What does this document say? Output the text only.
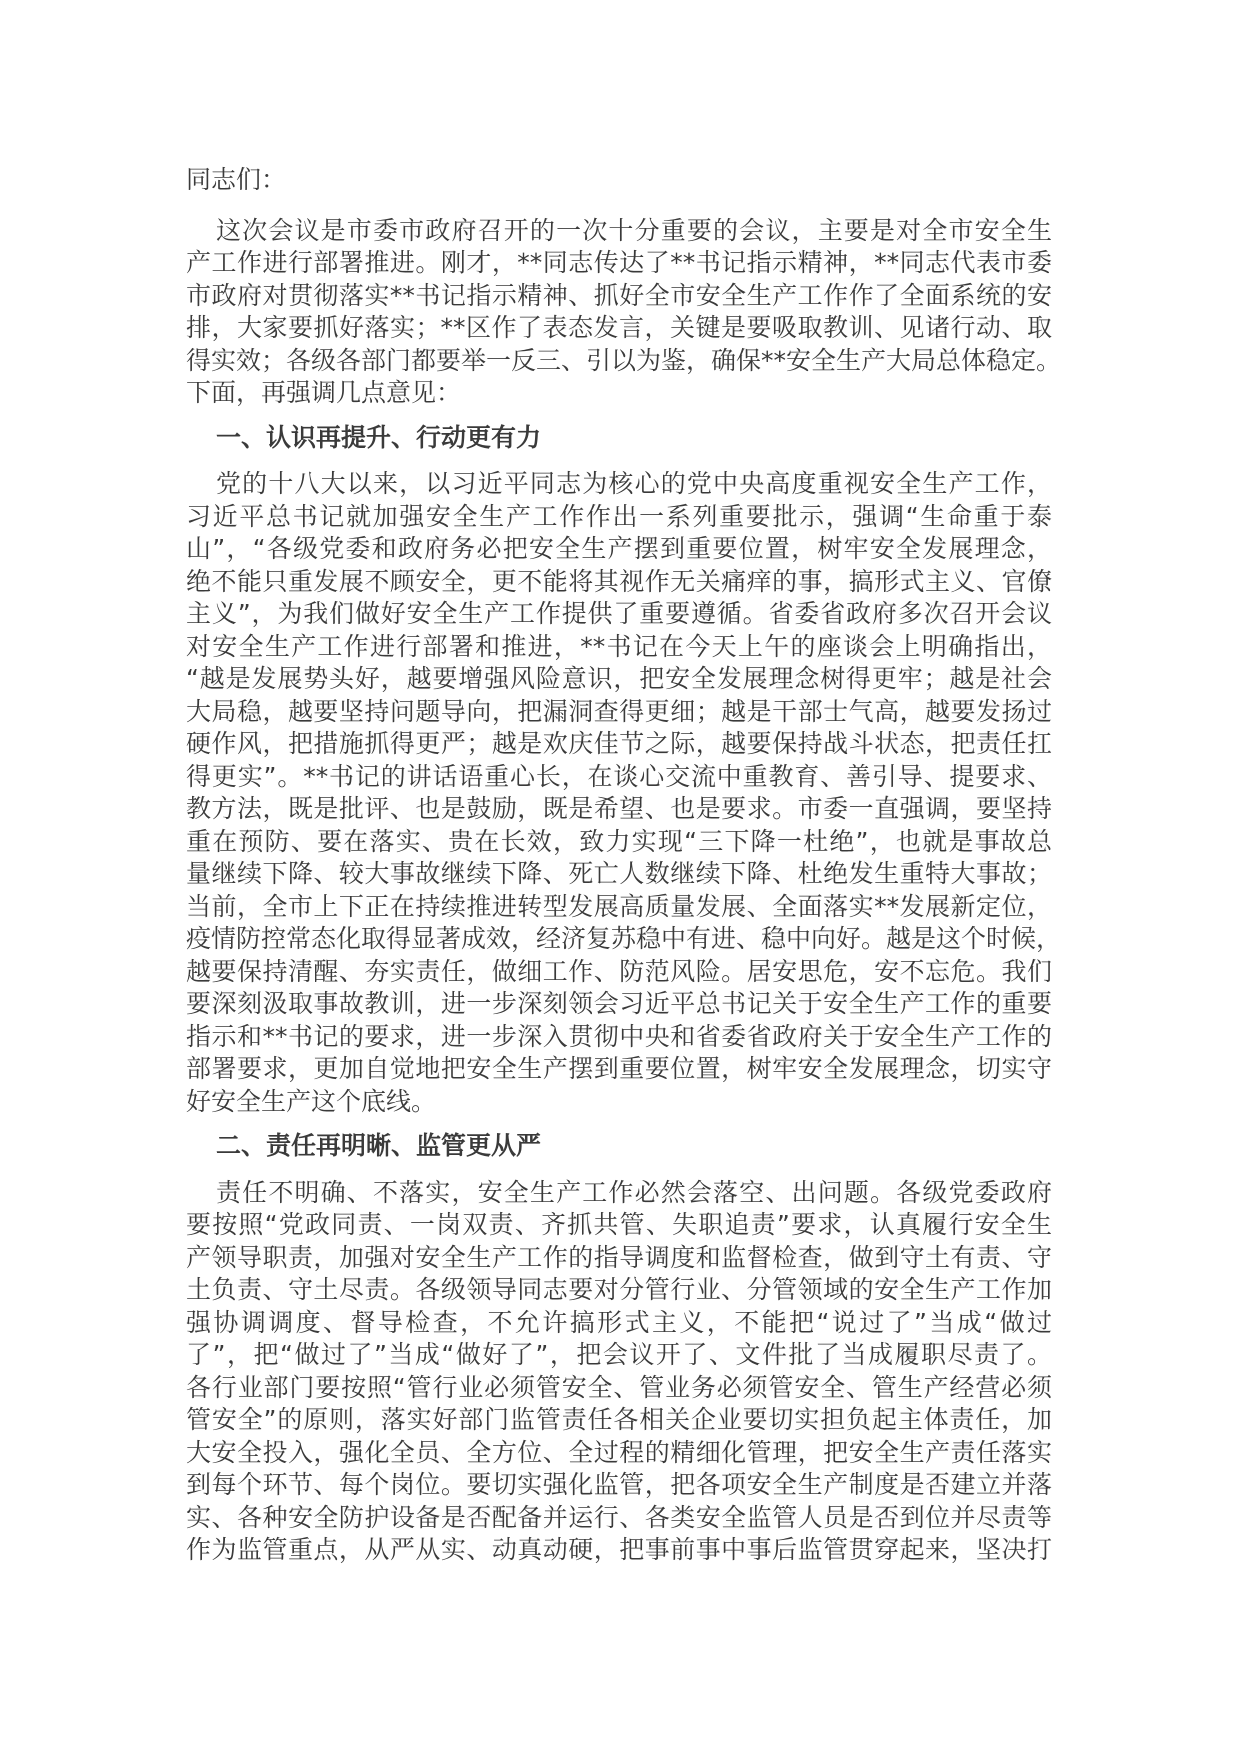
同志们：
这次会议是市委市政府召开的一次十分重要的会议，主要是对全市安全生
产工作进行部署推进。刚才，**同志传达了**书记指示精神，**同志代表市委
市政府对贯彻落实**书记指示精神、抓好全市安全生产工作作了全面系统的安
排，大家要抓好落实；**区作了表态发言，关键是要吸取教训、见诸行动、取
得实效；各级各部门都要举一反三、引以为鉴，确保**安全生产大局总体稳定。
下面，再强调几点意见：
一、认识再提升、行动更有力
党的十八大以来，以习近平同志为核心的党中央高度重视安全生产工作，
习近平总书记就加强安全生产工作作出一系列重要批示，强调“生命重于泰
山”，“各级党委和政府务必把安全生产摆到重要位置，树牢安全发展理念，
绝不能只重发展不顾安全，更不能将其视作无关痛痒的事，搞形式主义、官僚
主义”，为我们做好安全生产工作提供了重要遵循。省委省政府多次召开会议
对安全生产工作进行部署和推进，**书记在今天上午的座谈会上明确指出，
“越是发展势头好，越要增强风险意识，把安全发展理念树得更牢；越是社会
大局稳，越要坚持问题导向，把漏洞查得更细；越是干部士气高，越要发扬过
硬作风，把措施抓得更严；越是欢庆佳节之际，越要保持战斗状态，把责任扛
得更实”。**书记的讲话语重心长，在谈心交流中重教育、善引导、提要求、
教方法，既是批评、也是鼓励，既是希望、也是要求。市委一直强调，要坚持
重在预防、要在落实、贵在长效，致力实现“三下降一杜绝”，也就是事故总
量继续下降、较大事故继续下降、死亡人数继续下降、杜绝发生重特大事故；
当前，全市上下正在持续推进转型发展高质量发展、全面落实**发展新定位，
疫情防控常态化取得显著成效，经济复苏稳中有进、稳中向好。越是这个时候，
越要保持清醒、夯实责任，做细工作、防范风险。居安思危，安不忘危。我们
要深刻汲取事故教训，进一步深刻领会习近平总书记关于安全生产工作的重要
指示和**书记的要求，进一步深入贯彻中央和省委省政府关于安全生产工作的
部署要求，更加自觉地把安全生产摆到重要位置，树牢安全发展理念，切实守
好安全生产这个底线。
二、责任再明晰、监管更从严
责任不明确、不落实，安全生产工作必然会落空、出问题。各级党委政府
要按照“党政同责、一岗双责、齐抓共管、失职追责”要求，认真履行安全生
产领导职责，加强对安全生产工作的指导调度和监督检查，做到守土有责、守
土负责、守土尽责。各级领导同志要对分管行业、分管领域的安全生产工作加
强协调调度、督导检查，不允许搞形式主义，不能把“说过了”当成“做过
了”，把“做过了”当成“做好了”，把会议开了、文件批了当成履职尽责了。
各行业部门要按照“管行业必须管安全、管业务必须管安全、管生产经营必须
管安全”的原则，落实好部门监管责任各相关企业要切实担负起主体责任，加
大安全投入，强化全员、全方位、全过程的精细化管理，把安全生产责任落实
到每个环节、每个岗位。要切实强化监管，把各项安全生产制度是否建立并落
实、各种安全防护设备是否配备并运行、各类安全监管人员是否到位并尽责等
作为监管重点，从严从实、动真动硬，把事前事中事后监管贯穿起来，坚决打
